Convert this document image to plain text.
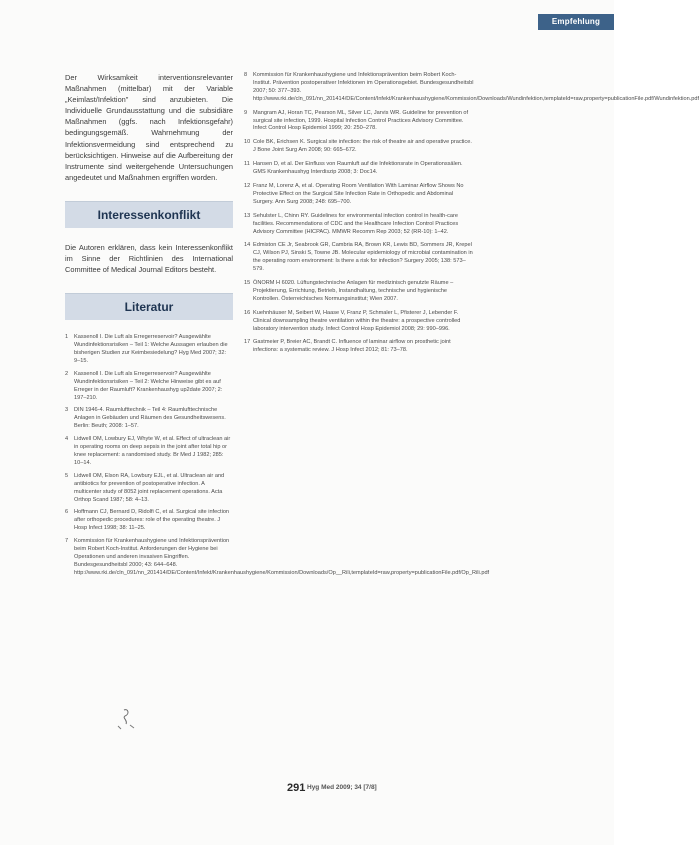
Empfehlung

Der Wirksamkeit interventionsrelevanter Maßnahmen (mittelbar) mit der Variable „Keimlast/Infektion" sind anzubieten. Die Individuelle Grundausstattung und die subsidiäre Maßnahmen (ggfs. nach Infektionsgefahr) bedingungsgemäß. Wahrnehmung der Infektionsvermeidung sind entsprechend zu berücksichtigen. Hinweise auf die Aufbereitung der Instrumente sind weitergehende Untersuchungen angedeutet und Maßnahmen ergriffen worden.

Interessenkonflikt

Die Autoren erklären, dass kein Interessenkonflikt im Sinne der Richtlinien des International Committee of Medical Journal Editors besteht.

Literatur
1 Kassenoll I. Die Luft als Erregerreservoir? Ausgewählte Wundinfektionsrisiken – Teil 1: Welche Aussagen erlauben die bisherigen Studien zur Keimbesiedelung? Hyg Med 2007; 32: 9–15.
2 Kassenoll I. Die Luft als Erregerreservoir? Ausgewählte Wundinfektionsrisiken – Teil 2: Welche Hinweise gibt es auf Erreger in der Raumluft? Krankenhaushyg up2date 2007; 2: 197–210.
3 DIN 1946-4. Raumlufttechnik – Teil 4: Raumlufttechnische Anlagen in Gebäuden und Räumen des Gesundheitswesens. Berlin: Beuth; 2008: 1–57.
4 Lidwell OM, Lowbury EJ, Whyte W, et al. Effect of ultraclean air in operating rooms on deep sepsis in the joint after total hip or knee replacement: a randomised study. Br Med J 1982; 285: 10–14.
5 Lidwell OM, Elson RA, Lowbury EJL, et al. Ultraclean air and antibiotics for prevention of postoperative infection. A multicenter study of 8052 joint replacement operations. Acta Orthop Scand 1987; 58: 4–13.
6 Hoffmann CJ, Bernard D, Ridolfi C, et al. Surgical site infection after orthopedic procedures: role of the operating theatre. J Hosp Infect 1998; 38: 11–25.
7 Kommission für Krankenhaushygiene und Infektionsprävention beim Robert Koch-Institut. Anforderungen der Hygiene bei Operationen und anderen invasiven Eingriffen. Bundesgesundheitsbl 2000; 43: 644–648. http://www.rki.de/cln_091/nn_201414/DE/Content/Infekt/Krankenhaushygiene/Kommission/Downloads/Op__Rili,templateId=raw,property=publicationFile.pdf/Op_Rili.pdf
8 Kommission für Krankenhaushygiene und Infektionsprävention beim Robert Koch-Institut. Prävention postoperativer Infektionen im Operationsgebiet. Bundesgesundheitsbl 2007; 50: 377–393. http://www.rki.de/cln_091/nn_201414/DE/Content/Infekt/Krankenhaushygiene/Kommission/Downloads/Wundinfektion,templateId=raw,property=publicationFile.pdf/Wundinfektion.pdf
9 Mangram AJ, Horan TC, Pearson ML, Silver LC, Jarvis WR. Guideline for prevention of surgical site infection, 1999. Hospital Infection Control Practices Advisory Committee. Infect Control Hosp Epidemiol 1999; 20: 250–278.
10 Cole BK, Erichsen K. Surgical site infection: the risk of theatre air and operative practice. J Bone Joint Surg Am 2008; 90: 665–672.
11 Hansen D, et al. Der Einfluss von Raumluft auf die Infektionsrate in Operationssälen. GMS Krankenhaushyg Interdiszip 2008; 3: Doc14.
12 Franz M, Lorenz A, et al. Operating Room Ventilation With Laminar Airflow Shows No Protective Effect on the Surgical Site Infection Rate in Orthopedic and Abdominal Surgery. Ann Surg 2008; 248: 695–700.
13 Sehulster L, Chinn RY. Guidelines for environmental infection control in health-care facilities. Recommendations of CDC and the Healthcare Infection Control Practices Advisory Committee (HICPAC). MMWR Recomm Rep 2003; 52 (RR-10): 1–42.
14 Edmiston CE Jr, Seabrook GR, Cambria RA, Brown KR, Lewis BD, Sommers JR, Krepel CJ, Wilson PJ, Sinski S, Towne JB. Molecular epidemiology of microbial contamination in the operating room environment: Is there a risk for infection? Surgery 2005; 138: 573–579.
15 ÖNORM H 6020. Lüftungstechnische Anlagen für medizinisch genutzte Räume – Projektierung, Errichtung, Betrieb, Instandhaltung, technische und hygienische Kontrollen. Österreichisches Normungsinstitut; Wien 2007.
16 Kuehnhäuser M, Seibert W, Haase V, Franz P, Schmaler L, Pfisterer J, Lebender F. Clinical downsampling theatre ventilation within the theatre: a prospective controlled laboratory intervention study. Infect Control Hosp Epidemiol 2008; 29: 990–996.
17 Gastmeier P, Breier AC, Brandt C. Influence of laminar airflow on prosthetic joint infections: a systematic review. J Hosp Infect 2012; 81: 73–78.
291 Hyg Med 2009; 34 [7/8]
